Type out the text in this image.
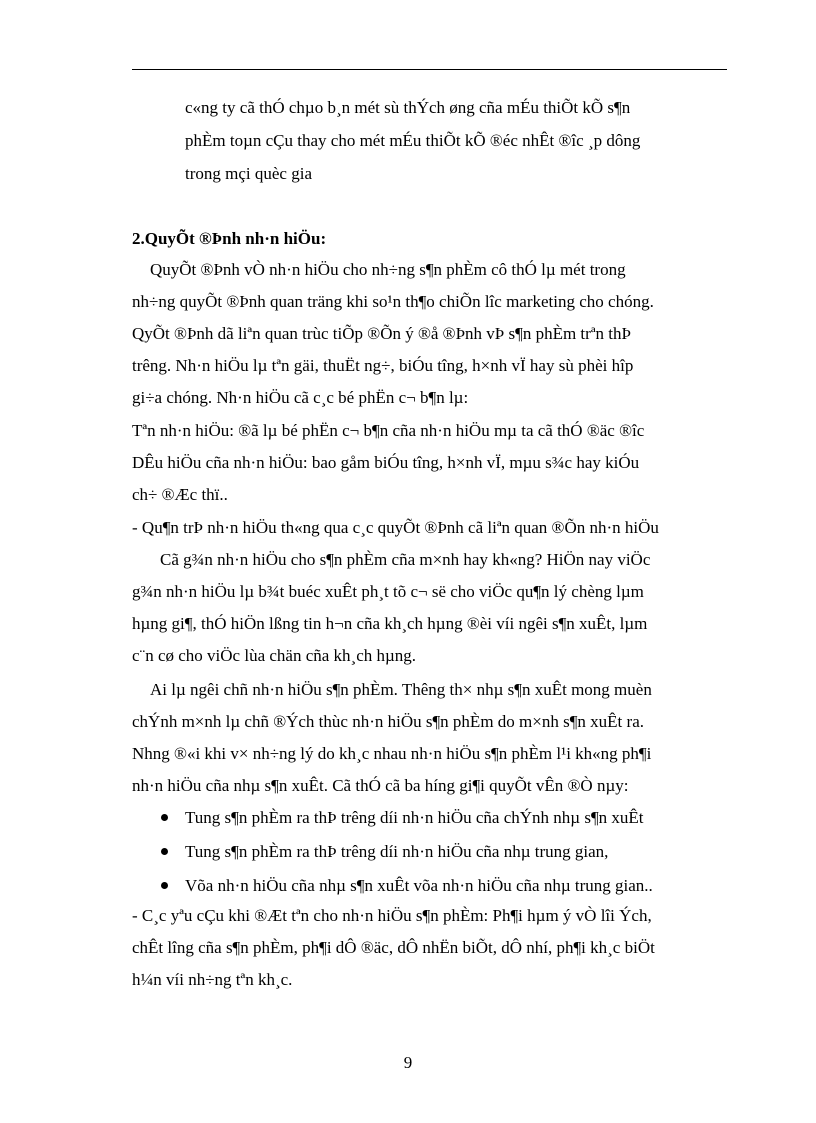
c«ng ty cã thÓ chµo b¸n mét sù thÝch øng cña mÉu thiÕt kÕ s¶n
phÈm toµn cÇu thay cho mét mÉu thiÕt kÕ ®éc nhÊt ®îc ¸p dông
trong mçi quèc gia
2.QuyÕt ®Þnh nh·n hiÖu:
QuyÕt ®Þnh vÒ nh·n hiÖu cho nh÷ng s¶n phÈm cô thÓ lµ mét trong
nh÷ng quyÕt ®Þnh quan träng khi so¹n th¶o chiÕn lîc marketing cho chóng.
QyÕt ®Þnh dã liªn quan trùc tiÕp ®Õn ý ®å ®Þnh vÞ s¶n phÈm trªn thÞ
trêng. Nh·n hiÖu lµ tªn gäi, thuËt ng÷, biÓu tîng, h×nh vÏ hay sù phèi hîp
gi÷a chóng. Nh·n hiÖu cã c¸c bé phËn c¬ b¶n lµ:
Tªn nh·n hiÖu: ®ã lµ bé phËn c¬ b¶n cña nh·n hiÖu mµ ta cã thÓ ®äc ®îc
DÊu hiÖu cña nh·n hiÖu: bao gåm biÓu tîng, h×nh vÏ, mµu s¾c hay kiÓu
ch÷ ®Æc thï..
- Qu¶n trÞ nh·n hiÖu th«ng qua c¸c quyÕt ®Þnh cã liªn quan ®Õn nh·n hiÖu
Cã g¾n nh·n hiÖu cho s¶n phÈm cña m×nh hay kh«ng? HiÖn nay viÖc
g¾n nh·n hiÖu lµ b¾t buéc xuÊt ph¸t tõ c¬ së cho viÖc qu¶n lý chèng lµm
hµng gi¶, thÓ hiÖn lßng tin h¬n cña kh¸ch hµng ®èi víi ngêi s¶n xuÊt, lµm
c¨n cø cho viÖc lùa chän cña kh¸ch hµng.
Ai lµ ngêi chñ nh·n hiÖu s¶n phÈm. Thêng th× nhµ s¶n xuÊt mong muèn
chÝnh m×nh lµ chñ ®Ých thùc nh·n hiÖu s¶n phÈm do m×nh s¶n xuÊt ra.
Nhng ®«i khi v× nh÷ng lý do kh¸c nhau nh·n hiÖu s¶n phÈm l¹i kh«ng ph¶i
nh·n hiÖu cña nhµ s¶n xuÊt. Cã thÓ cã ba híng gi¶i quyÕt vÊn ®Ò nµy:
Tung s¶n phÈm ra thÞ trêng díi nh·n hiÖu cña chÝnh nhµ s¶n xuÊt
Tung s¶n phÈm ra thÞ trêng díi nh·n hiÖu cña nhµ trung gian,
Võa nh·n hiÖu cña nhµ s¶n xuÊt võa nh·n hiÖu cña nhµ trung gian..
- C¸c yªu cÇu khi ®Æt tªn cho nh·n hiÖu s¶n phÈm: Ph¶i hµm ý vÒ lîi Ých,
chÊt lîng cña s¶n phÈm, ph¶i dÔ ®äc, dÔ nhËn biÕt, dÔ nhí, ph¶i kh¸c biÖt
h¼n víi nh÷ng tªn kh¸c.
9
